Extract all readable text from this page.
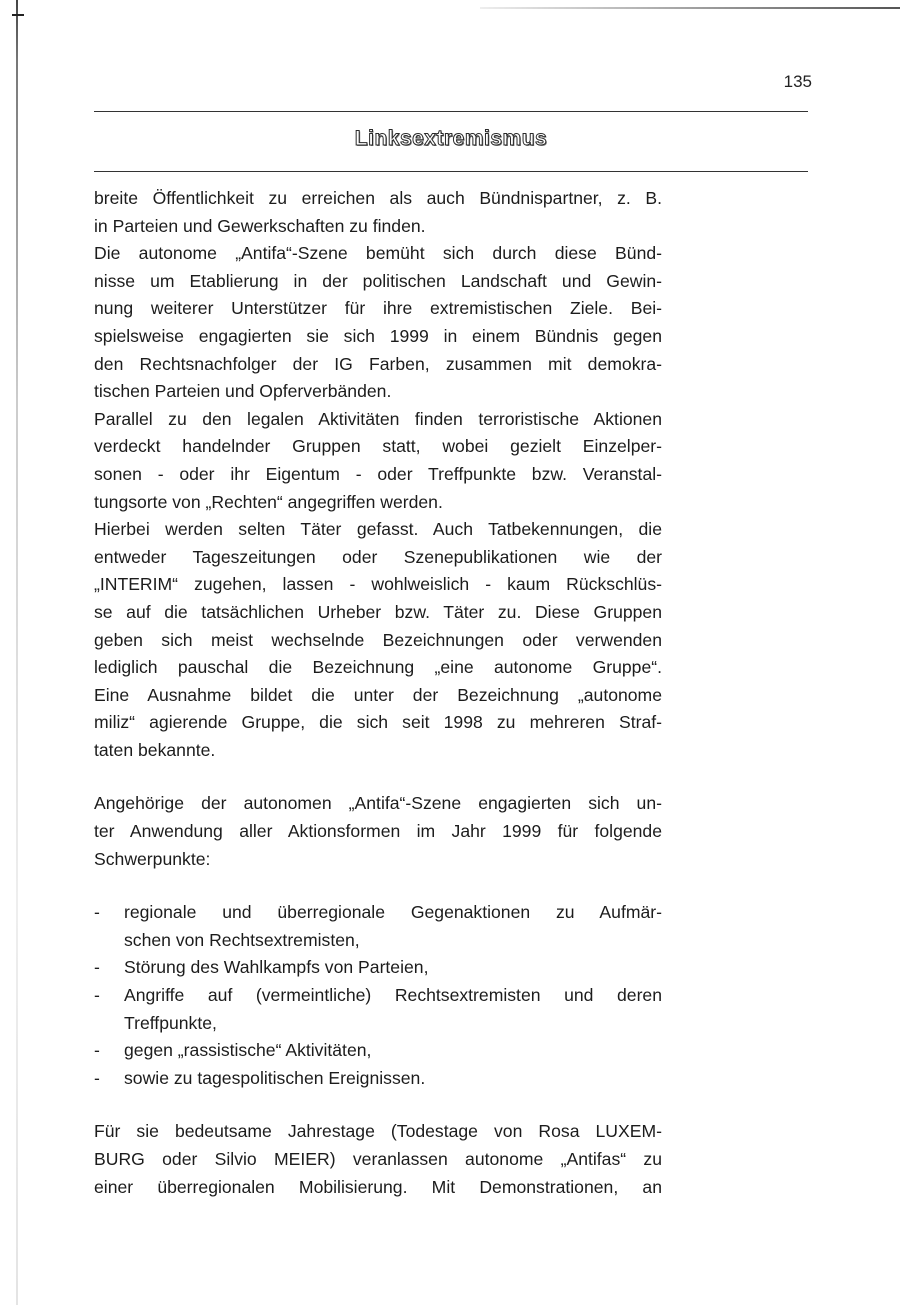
135
Linksextremismus
breite Öffentlichkeit zu erreichen als auch Bündnispartner, z. B.
in Parteien und Gewerkschaften zu finden.
Die autonome „Antifa“-Szene bemüht sich durch diese Bünd-
nisse um Etablierung in der politischen Landschaft und Gewin-
nung weiterer Unterstützer für ihre extremistischen Ziele. Bei-
spielsweise engagierten sie sich 1999 in einem Bündnis gegen
den Rechtsnachfolger der IG Farben, zusammen mit demokra-
tischen Parteien und Opferverbänden.
Parallel zu den legalen Aktivitäten finden terroristische Aktionen
verdeckt handelnder Gruppen statt, wobei gezielt Einzelper-
sonen - oder ihr Eigentum - oder Treffpunkte bzw. Veranstal-
tungsorte von „Rechten“ angegriffen werden.
Hierbei werden selten Täter gefasst. Auch Tatbekennungen, die
entweder Tageszeitungen oder Szenepublikationen wie der
„INTERIM“ zugehen, lassen - wohlweislich - kaum Rückschlüs-
se auf die tatsächlichen Urheber bzw. Täter zu. Diese Gruppen
geben sich meist wechselnde Bezeichnungen oder verwenden
lediglich pauschal die Bezeichnung „eine autonome Gruppe“.
Eine Ausnahme bildet die unter der Bezeichnung „autonome
miliz“ agierende Gruppe, die sich seit 1998 zu mehreren Straf-
taten bekannte.
Angehörige der autonomen „Antifa“-Szene engagierten sich un-
ter Anwendung aller Aktionsformen im Jahr 1999 für folgende
Schwerpunkte:
-	regionale und überregionale Gegenaktionen zu Aufmär-
schen von Rechtsextremisten,
-	Störung des Wahlkampfs von Parteien,
-	Angriffe auf (vermeintliche) Rechtsextremisten und deren
Treffpunkte,
-	gegen „rassistische“ Aktivitäten,
-	sowie zu tagespolitischen Ereignissen.
Für sie bedeutsame Jahrestage (Todestage von Rosa LUXEM-
BURG oder Silvio MEIER) veranlassen autonome „Antifas“ zu
einer überregionalen Mobilisierung. Mit Demonstrationen, an
